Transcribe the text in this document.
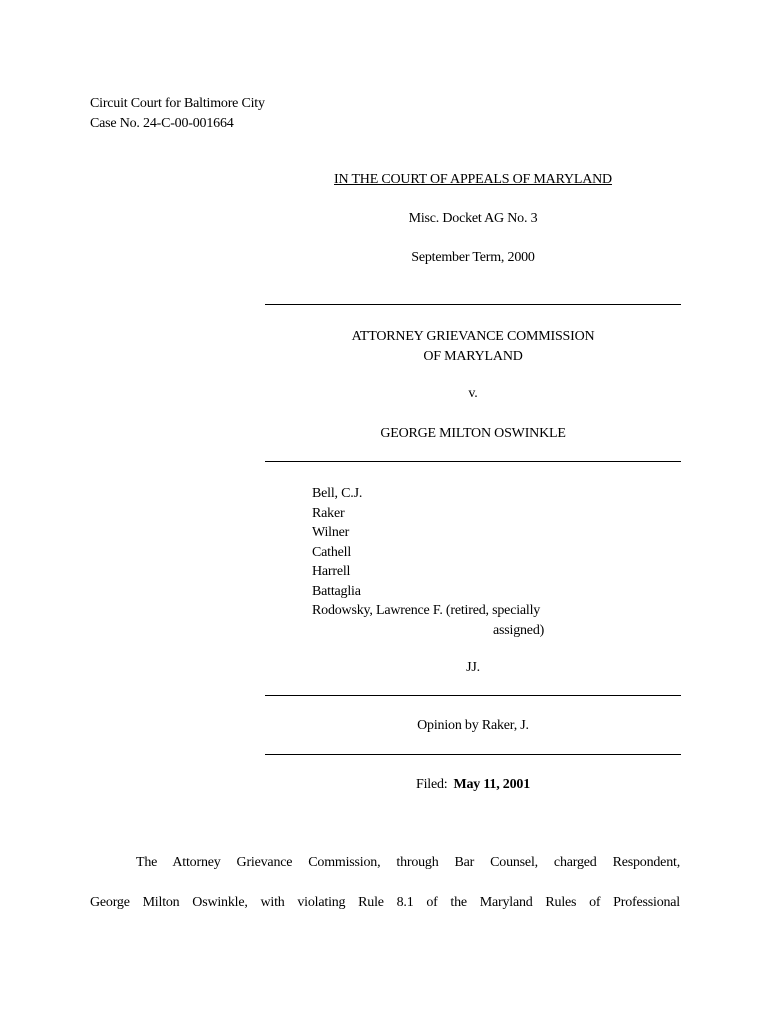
Circuit Court for Baltimore City
Case No. 24-C-00-001664
IN THE COURT OF APPEALS OF MARYLAND
Misc. Docket AG No. 3
September Term, 2000
ATTORNEY GRIEVANCE COMMISSION
OF MARYLAND
v.
GEORGE MILTON OSWINKLE
Bell, C.J.
Raker
Wilner
Cathell
Harrell
Battaglia
Rodowsky, Lawrence F. (retired, specially
assigned)
JJ.
Opinion by Raker, J.
Filed: May 11, 2001
The Attorney Grievance Commission, through Bar Counsel, charged Respondent,
George Milton Oswinkle, with violating Rule 8.1 of the Maryland Rules of Professional
